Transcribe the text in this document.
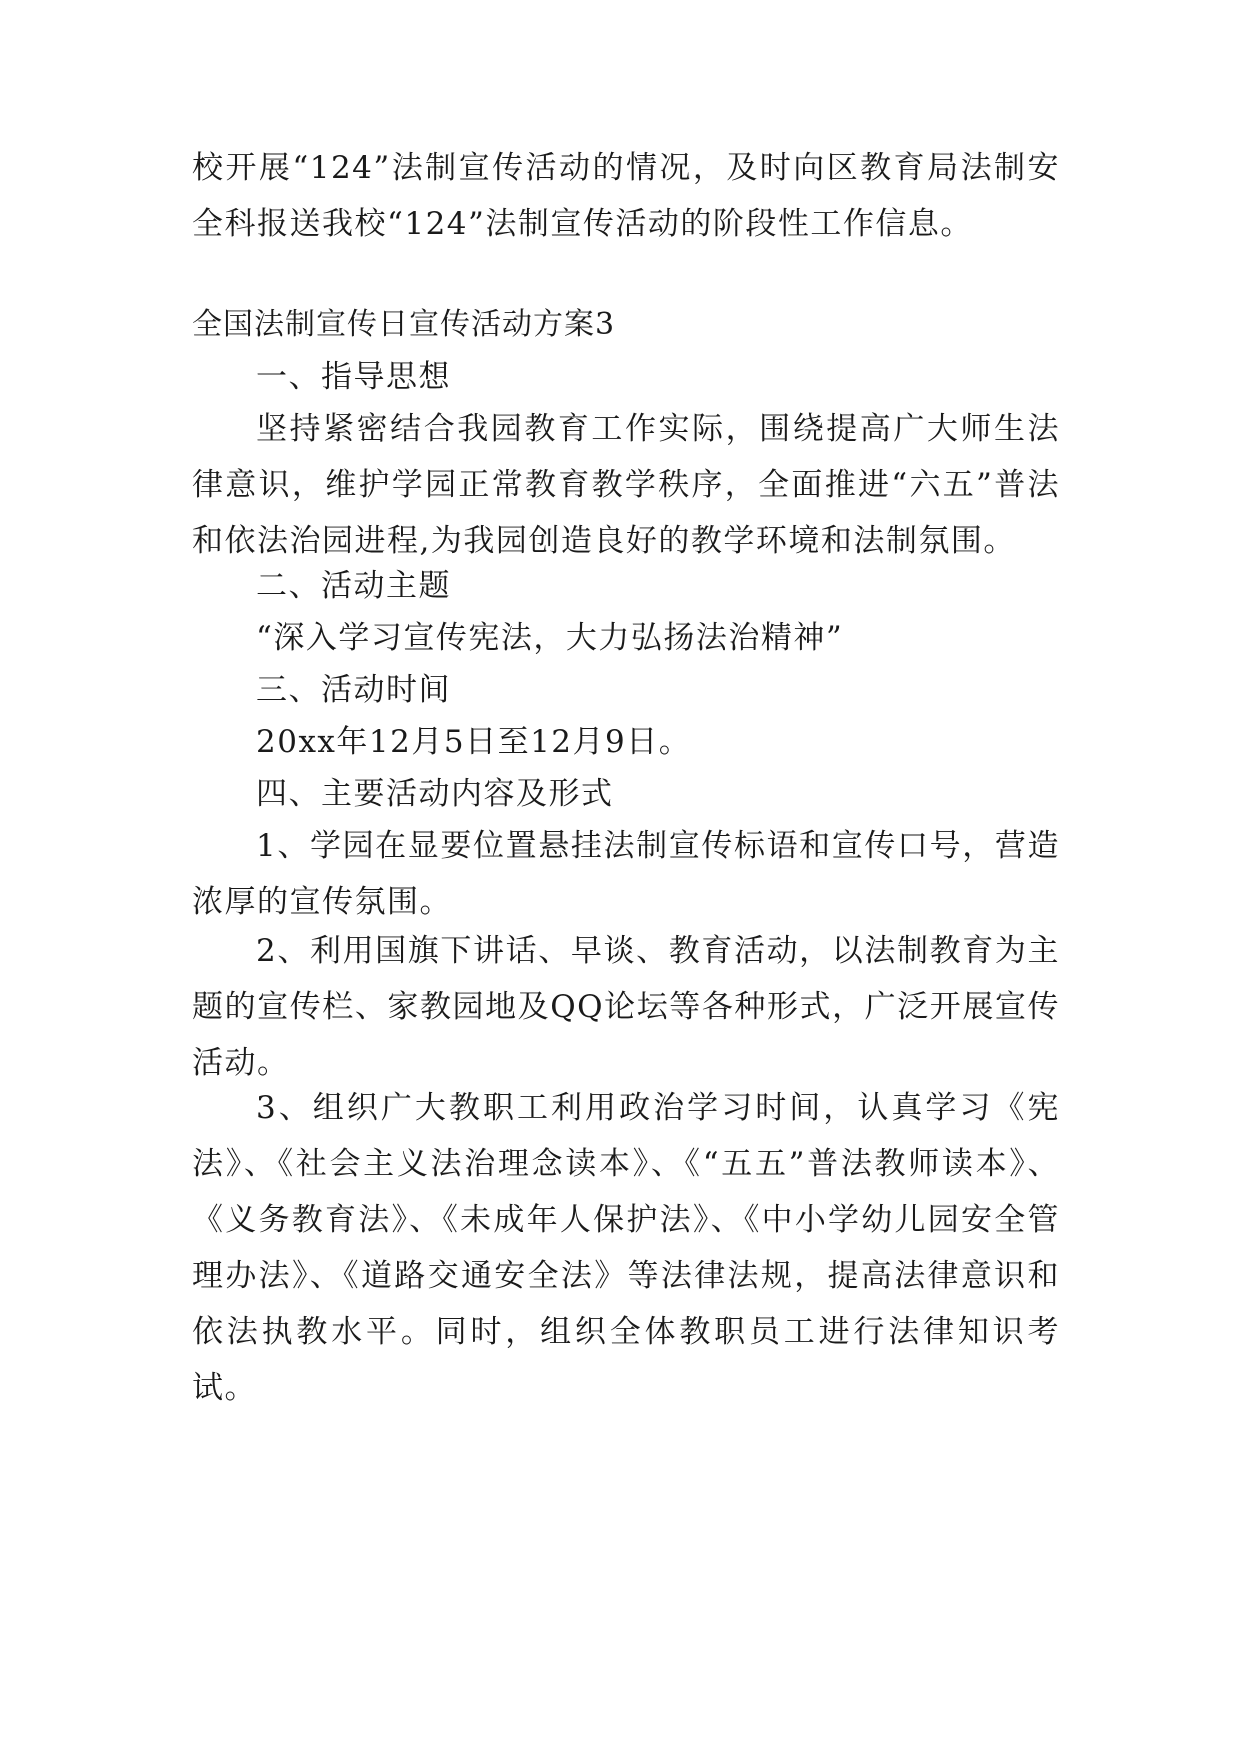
校开展“124”法制宣传活动的情况，及时向区教育局法制安全科报送我校“124”法制宣传活动的阶段性工作信息。

全国法制宣传日宣传活动方案3

一、指导思想

坚持紧密结合我园教育工作实际，围绕提高广大师生法律意识，维护学园正常教育教学秩序，全面推进“六五”普法和依法治园进程,为我园创造良好的教学环境和法制氛围。

二、活动主题

“深入学习宣传宪法，大力弘扬法治精神”

三、活动时间

20xx年12月5日至12月9日。

四、主要活动内容及形式

1、学园在显要位置悬挂法制宣传标语和宣传口号，营造浓厚的宣传氛围。

2、利用国旗下讲话、早谈、教育活动，以法制教育为主题的宣传栏、家教园地及QQ论坛等各种形式，广泛开展宣传活动。

3、组织广大教职工利用政治学习时间，认真学习《宪法》、《社会主义法治理念读本》、《“五五”普法教师读本》、《义务教育法》、《未成年人保护法》、《中小学幼儿园安全管理办法》、《道路交通安全法》等法律法规，提高法律意识和依法执教水平。同时，组织全体教职员工进行法律知识考试。
